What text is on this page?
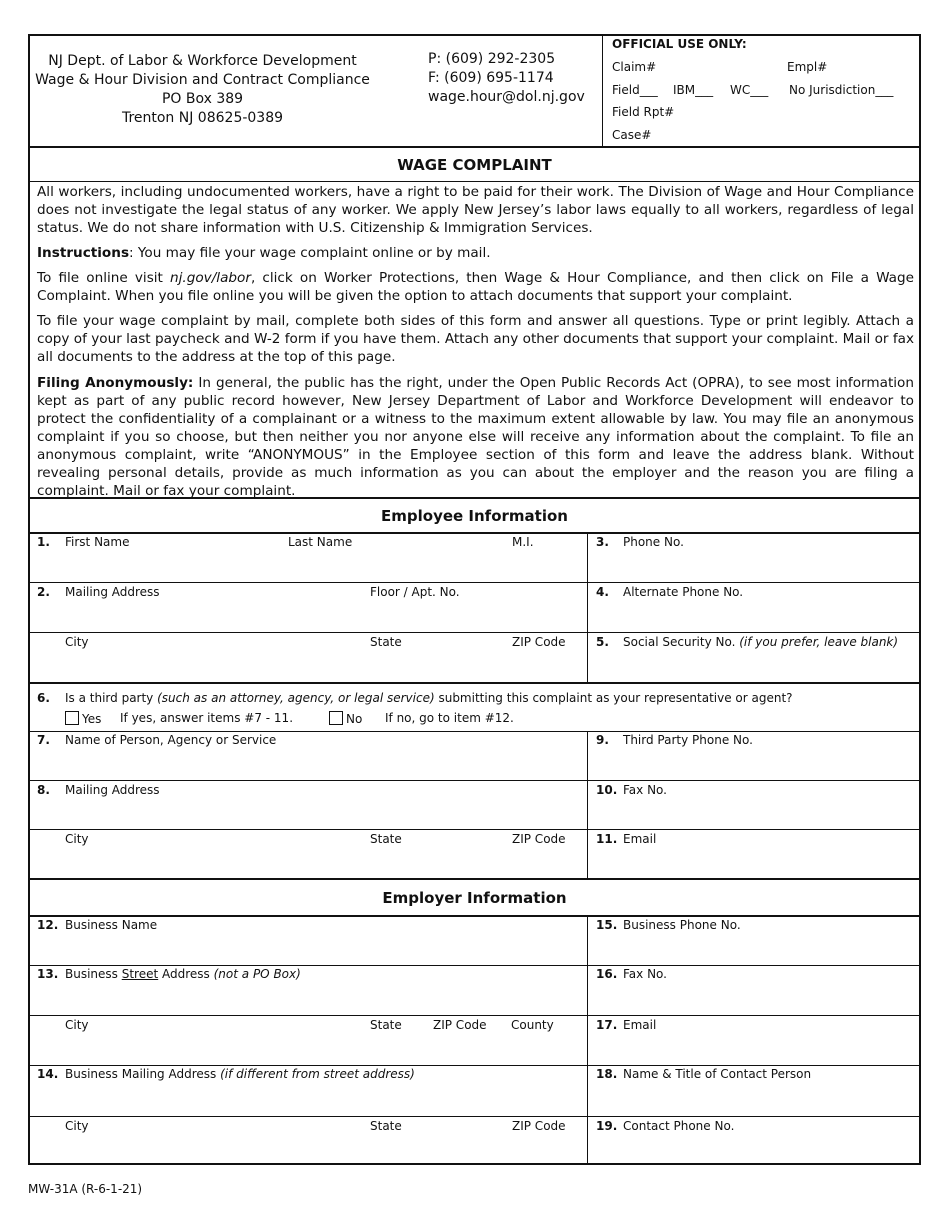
NJ Dept. of Labor & Workforce Development
Wage & Hour Division and Contract Compliance
PO Box 389
Trenton NJ 08625-0389
P: (609) 292-2305
F: (609) 695-1174
wage.hour@dol.nj.gov
OFFICIAL USE ONLY:
Claim#	Empl#
Field___ IBM___ WC___ No Jurisdiction___
Field Rpt#
Case#
WAGE COMPLAINT
All workers, including undocumented workers, have a right to be paid for their work. The Division of Wage and Hour Compliance does not investigate the legal status of any worker. We apply New Jersey’s labor laws equally to all workers, regardless of legal status. We do not share information with U.S. Citizenship & Immigration Services.
Instructions: You may file your wage complaint online or by mail.
To file online visit nj.gov/labor, click on Worker Protections, then Wage & Hour Compliance, and then click on File a Wage Complaint. When you file online you will be given the option to attach documents that support your complaint.
To file your wage complaint by mail, complete both sides of this form and answer all questions. Type or print legibly. Attach a copy of your last paycheck and W-2 form if you have them. Attach any other documents that support your complaint. Mail or fax all documents to the address at the top of this page.
Filing Anonymously: In general, the public has the right, under the Open Public Records Act (OPRA), to see most information kept as part of any public record however, New Jersey Department of Labor and Workforce Development will endeavor to protect the confidentiality of a complainant or a witness to the maximum extent allowable by law. You may file an anonymous complaint if you so choose, but then neither you nor anyone else will receive any information about the complaint. To file an anonymous complaint, write “ANONYMOUS” in the Employee section of this form and leave the address blank. Without revealing personal details, provide as much information as you can about the employer and the reason you are filing a complaint. Mail or fax your complaint.
Employee Information
1. First Name	Last Name	M.I.	3. Phone No.
2. Mailing Address	Floor / Apt. No.	4. Alternate Phone No.
City	State	ZIP Code	5. Social Security No. (if you prefer, leave blank)
6. Is a third party (such as an attorney, agency, or legal service) submitting this complaint as your representative or agent?
Yes If yes, answer items #7 - 11.	No If no, go to item #12.
7. Name of Person, Agency or Service	9. Third Party Phone No.
8. Mailing Address	10. Fax No.
City	State	ZIP Code	11. Email
Employer Information
12. Business Name	15. Business Phone No.
13. Business Street Address (not a PO Box)	16. Fax No.
City	State	ZIP Code County	17. Email
14. Business Mailing Address (if different from street address)	18. Name & Title of Contact Person
City	State	ZIP Code	19. Contact Phone No.
MW-31A (R-6-1-21)
